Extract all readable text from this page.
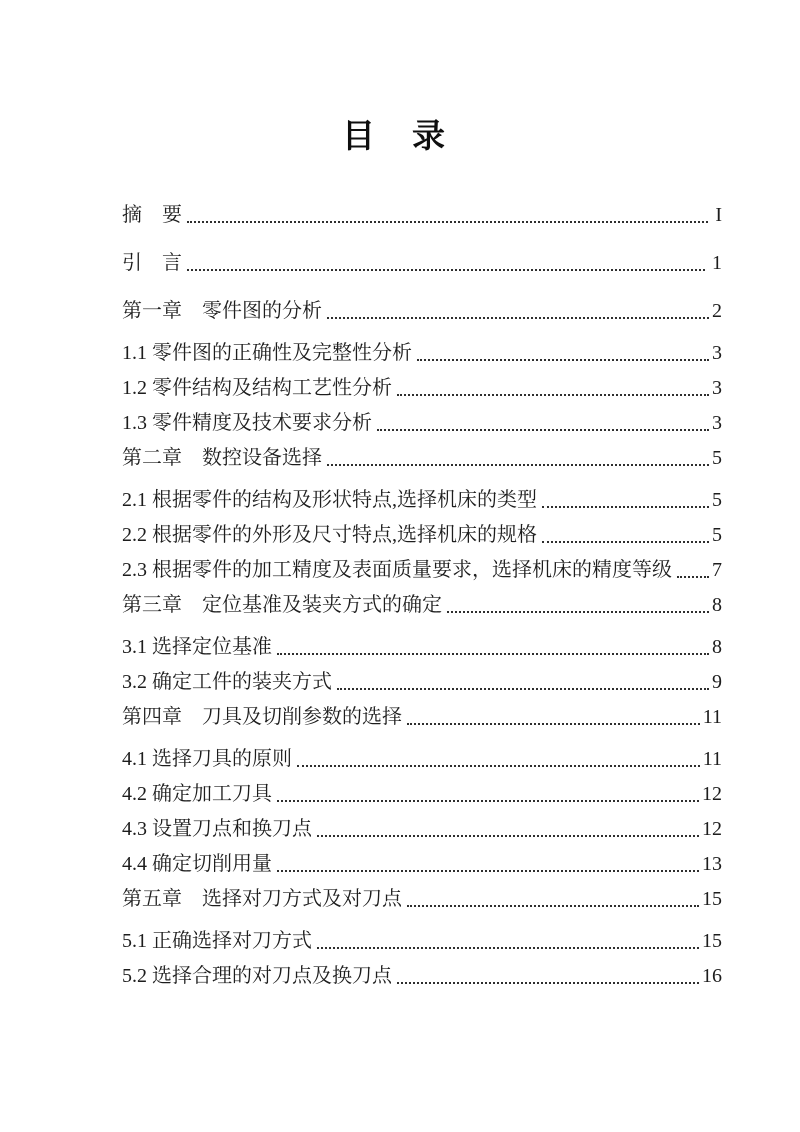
目　录
摘　要	I
引　言	1
第一章　零件图的分析	2
1.1 零件图的正确性及完整性分析	3
1.2 零件结构及结构工艺性分析	3
1.3 零件精度及技术要求分析	3
第二章　数控设备选择	5
2.1 根据零件的结构及形状特点,选择机床的类型	5
2.2 根据零件的外形及尺寸特点,选择机床的规格	5
2.3 根据零件的加工精度及表面质量要求，选择机床的精度等级 7
第三章　定位基准及装夹方式的确定	8
3.1 选择定位基准	8
3.2 确定工件的装夹方式	9
第四章　刀具及切削参数的选择	11
4.1 选择刀具的原则	11
4.2 确定加工刀具	12
4.3 设置刀点和换刀点	12
4.4 确定切削用量	13
第五章　选择对刀方式及对刀点	15
5.1 正确选择对刀方式	15
5.2 选择合理的对刀点及换刀点	16
